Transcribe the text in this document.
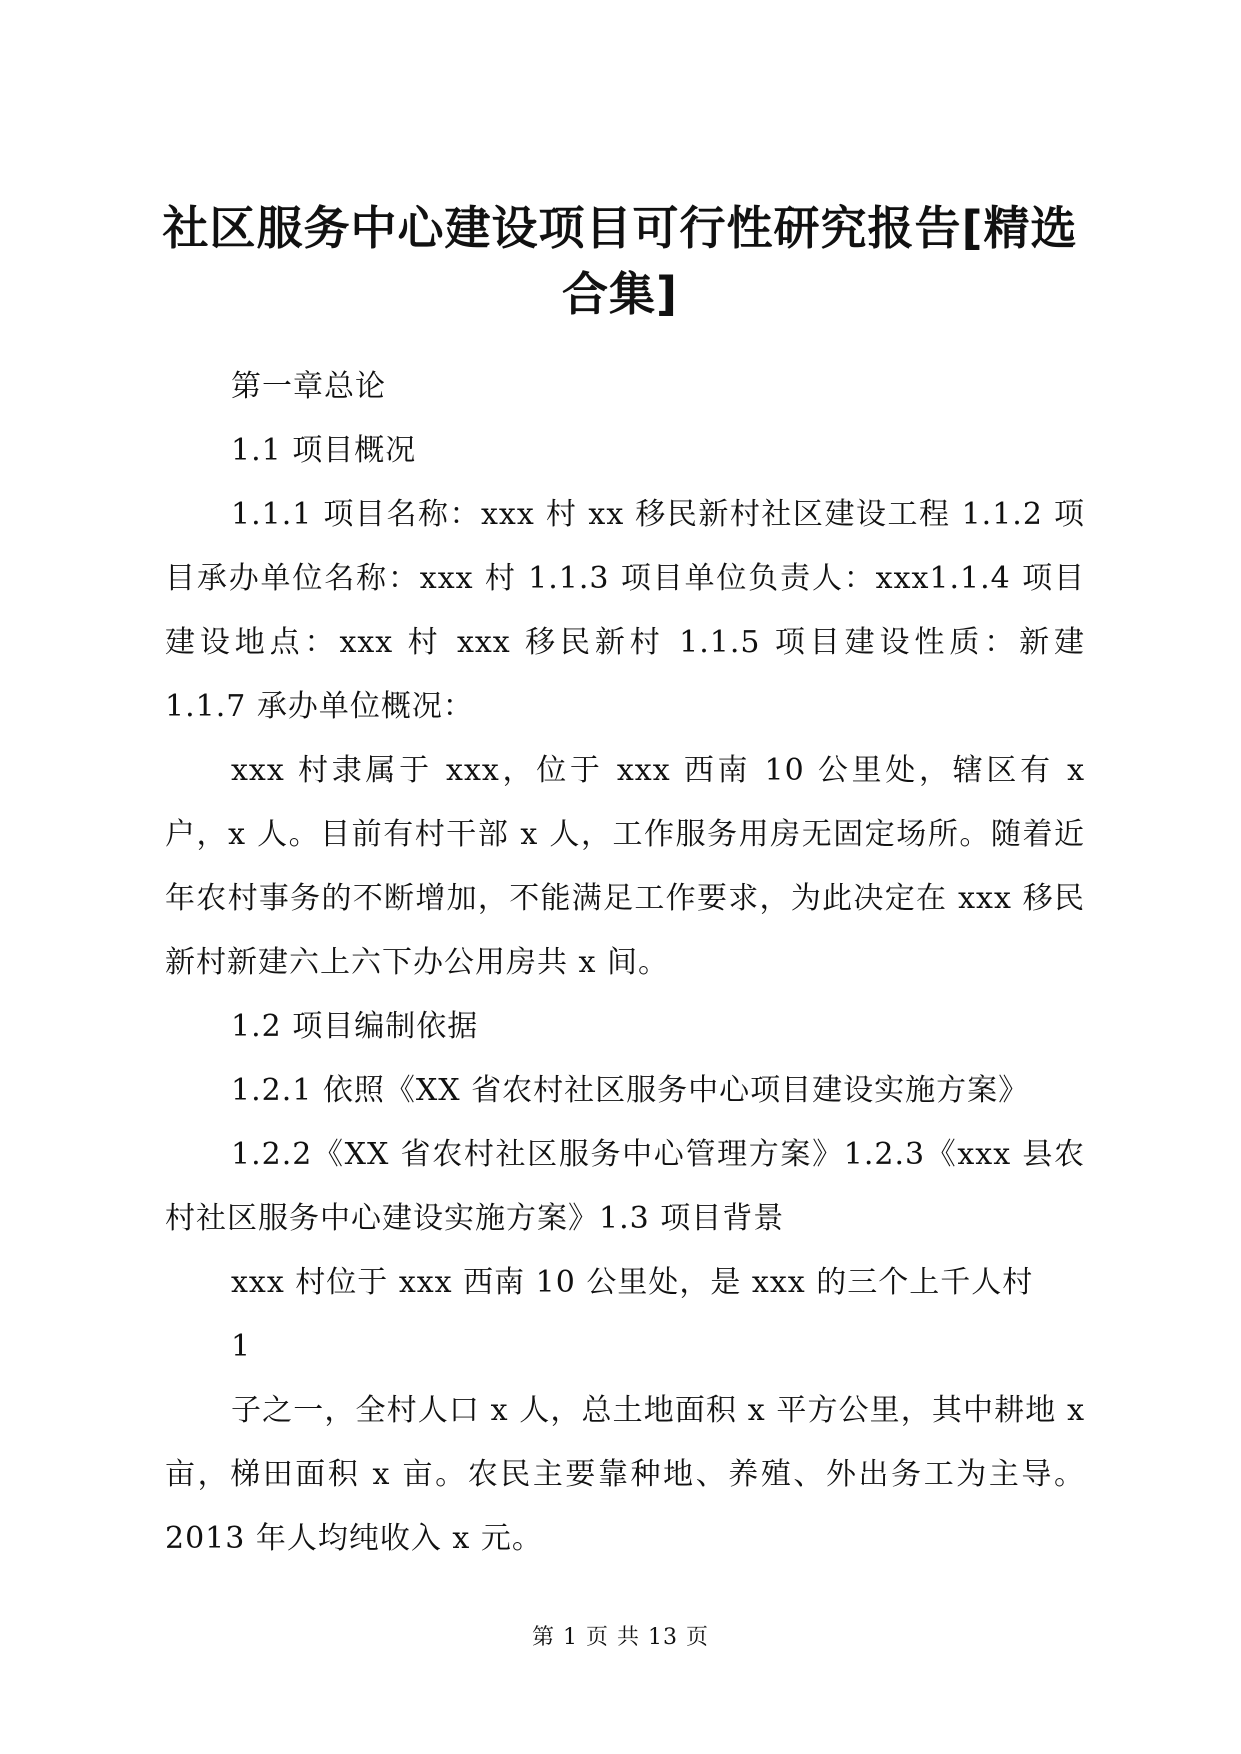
社区服务中心建设项目可行性研究报告[精选合集]

第一章总论

1.1 项目概况

1.1.1 项目名称：xxx 村 xx 移民新村社区建设工程 1.1.2 项目承办单位名称：xxx 村 1.1.3 项目单位负责人：xxx1.1.4 项目建设地点：xxx 村 xxx 移民新村 1.1.5 项目建设性质：新建 1.1.7 承办单位概况：

xxx 村隶属于 xxx，位于 xxx 西南 10 公里处，辖区有 x 户，x 人。目前有村干部 x 人，工作服务用房无固定场所。随着近年农村事务的不断增加，不能满足工作要求，为此决定在 xxx 移民新村新建六上六下办公用房共 x 间。

1.2 项目编制依据

1.2.1 依照《XX 省农村社区服务中心项目建设实施方案》

1.2.2《XX 省农村社区服务中心管理方案》1.2.3《xxx 县农村社区服务中心建设实施方案》1.3 项目背景

xxx 村位于 xxx 西南 10 公里处，是 xxx 的三个上千人村

1

子之一，全村人口 x 人，总土地面积 x 平方公里，其中耕地 x 亩，梯田面积 x 亩。农民主要靠种地、养殖、外出务工为主导。2013 年人均纯收入 x 元。

第 1 页 共 13 页
